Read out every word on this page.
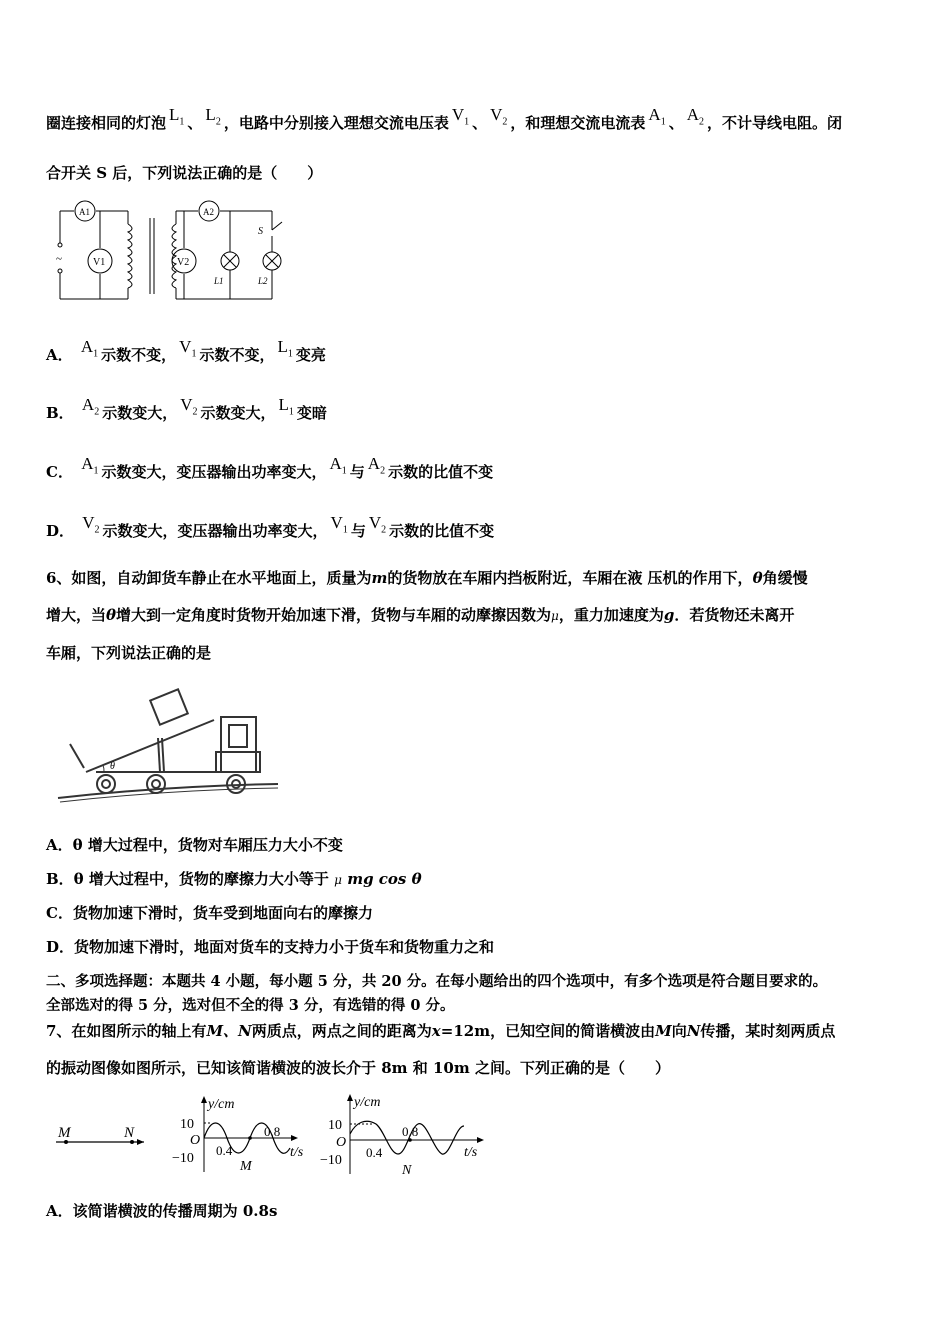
圈连接相同的灯泡 $L_1$ 、 $L_2$ ，电路中分别接入理想交流电压表 $V_1$ 、 $V_2$ ，和理想交流电流表 $A_1$ 、 $A_2$ ，不计导线电阻。闭
合开关 S 后，下列说法正确的是（　　）
~
A1	A2
V1	V2
L1	L2
S
A． $A_1$ 示数不变， $V_1$ 示数不变， $L_1$ 变亮
B． $A_2$ 示数变大， $V_2$ 示数变大， $L_1$ 变暗
C． $A_1$ 示数变大，变压器输出功率变大， $A_1$ 与 $A_2$ 示数的比值不变
D． $V_2$ 示数变大，变压器输出功率变大， $V_1$ 与 $V_2$ 示数的比值不变
6、如图，自动卸货车静止在水平地面上，质量为m的货物放在车厢内挡板附近，车厢在液 压机的作用下，θ角缓慢
增大，当θ增大到一定角度时货物开始加速下滑，货物与车厢的动摩擦因数为μ，重力加速度为g．若货物还未离开
车厢，下列说法正确的是
θ
A．θ 增大过程中，货物对车厢压力大小不变
B．θ 增大过程中，货物的摩擦力大小等于 μ mg cos θ
C．货物加速下滑时，货车受到地面向右的摩擦力
D．货物加速下滑时，地面对货车的支持力小于货车和货物重力之和
二、多项选择题：本题共 4 小题，每小题 5 分，共 20 分。在每小题给出的四个选项中，有多个选项是符合题目要求的。
全部选对的得 5 分，选对但不全的得 3 分，有选错的得 0 分。
7、在如图所示的轴上有M、N两质点，两点之间的距离为x=12m，已知空间的简谐横波由M向N传播，某时刻两质点
的振动图像如图所示，已知该简谐横波的波长介于 8m 和 10m 之间。下列正确的是（　　）
M	N
y/cm
10
O
−10
0.4
0.8
M
t/s
y/cm
10
O
−10
0.4
0.8
N
t/s
A．该简谐横波的传播周期为 0.8s
